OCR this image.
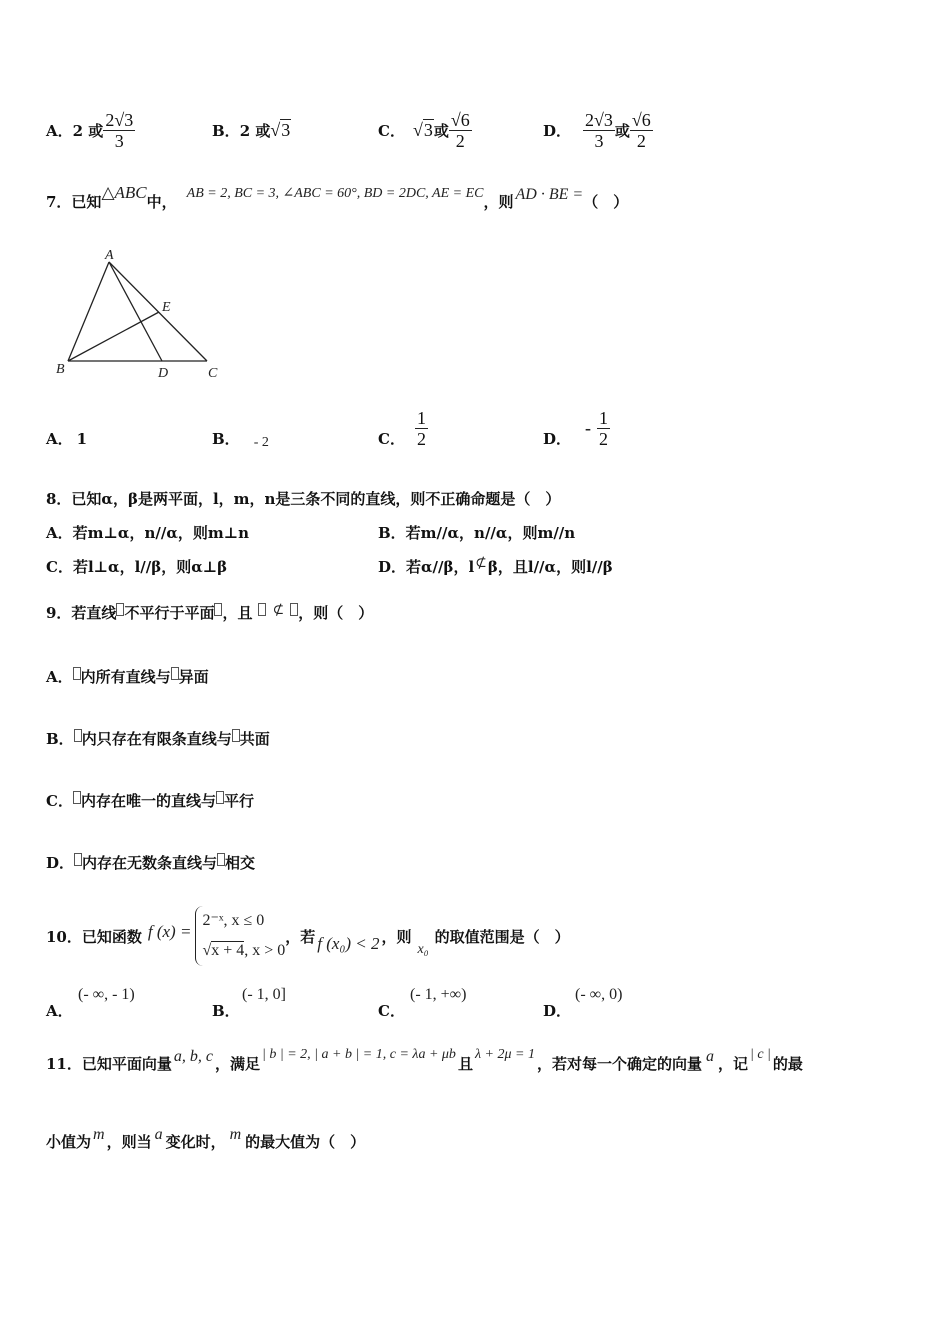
A． 2 或 $\frac{2√3}{3}$	B． 2 或 √3	C． √3 或 $\frac{√6}{2}$	D． $\frac{2√3}{3}$ 或 $\frac{√6}{2}$
7．已知 △ABC 中， AB = 2, BC = 3, ∠ABC = 60°, BD = 2DC, AE = EC ，则 AD · BE = （　）
A
E
B	D	C
A． 1	B． - 2	C． $\frac{1}{2}$	D．
- $\frac{1}{2}$
8．已知α，β是两平面，l，m，n是三条不同的直线，则不正确命题是（　）
A．若m⊥α，n//α，则m⊥n	B．若m//α，n//α，则m//n
C．若l⊥α，l//β，则α⊥β	D．若α//β，l⊄β，且l//α，则l//β
9．若直线 不平行于平面 ，且 ⊄ ，则（　）
A． 内所有直线与 异面
B． 内只存在有限条直线与 共面
C． 内存在唯一的直线与 平行
D． 内存在无数条直线与 相交
10．已知函数 f (x) =
2⁻ˣ, x ≤ 0
√x + 4, x > 0
，若 f (x₀) < 2 ，则
x₀
的取值范围是（　）
A．
(- ∞, - 1)
B．
(- 1, 0]
C．
(- 1, +∞)
D．
(- ∞, 0)
11．已知平面向量 a, b, c ，满足 | b | = 2, | a + b | = 1, c = λa + μb 且 λ + 2μ = 1 ，若对每一个确定的向量 a ，记 | c | 的最
小值为 m ，则当 a 变化时， m 的最大值为（　）
